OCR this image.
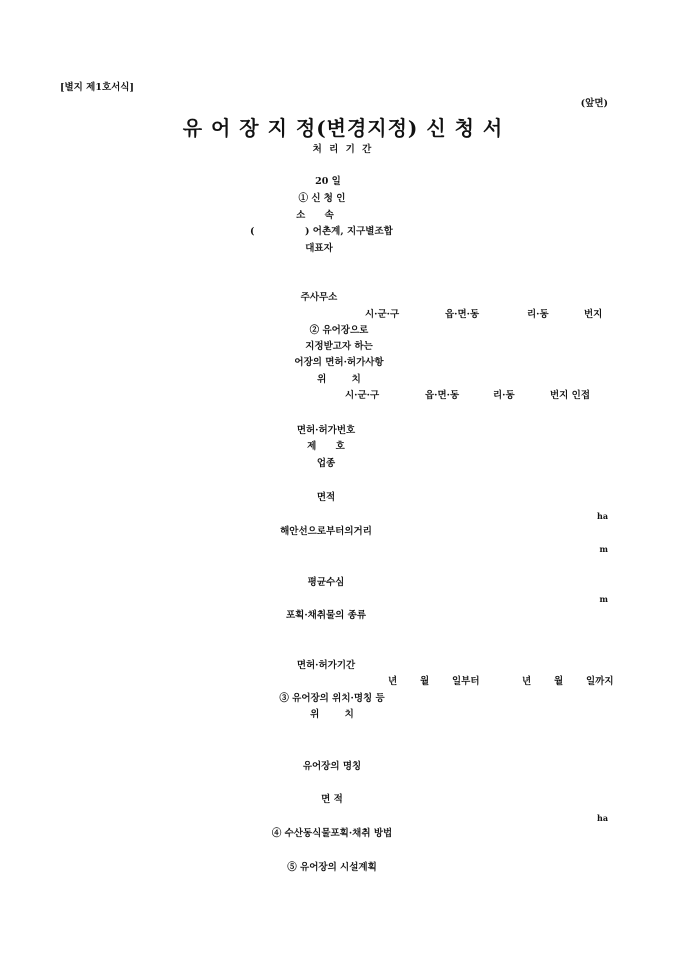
[별지 제1호서식]
(앞면)
유 어 장 지 정(변경지정) 신 청 서
처 리 기 간
20 일
① 신 청 인
소 속
(	) 어촌계, 지구별조합
대표자
주사무소
시·군·구	읍·면·동	리·동	번지
② 유어장으로
지정받고자 하는
어장의 면허·허가사항
위 치
시·군·구	읍·면·동	리·동	번지 인접
면허·허가번호
제 호
업종
면적
ha
해안선으로부터의거리
m
평균수심
m
포획·채취물의 종류
면허·허가기간
년	월	일부터	년	월	일까지
③ 유어장의 위치·명칭 등
위 치
유어장의 명칭
면 적
ha
④ 수산동식물포획·채취 방법
⑤ 유어장의 시설계획
